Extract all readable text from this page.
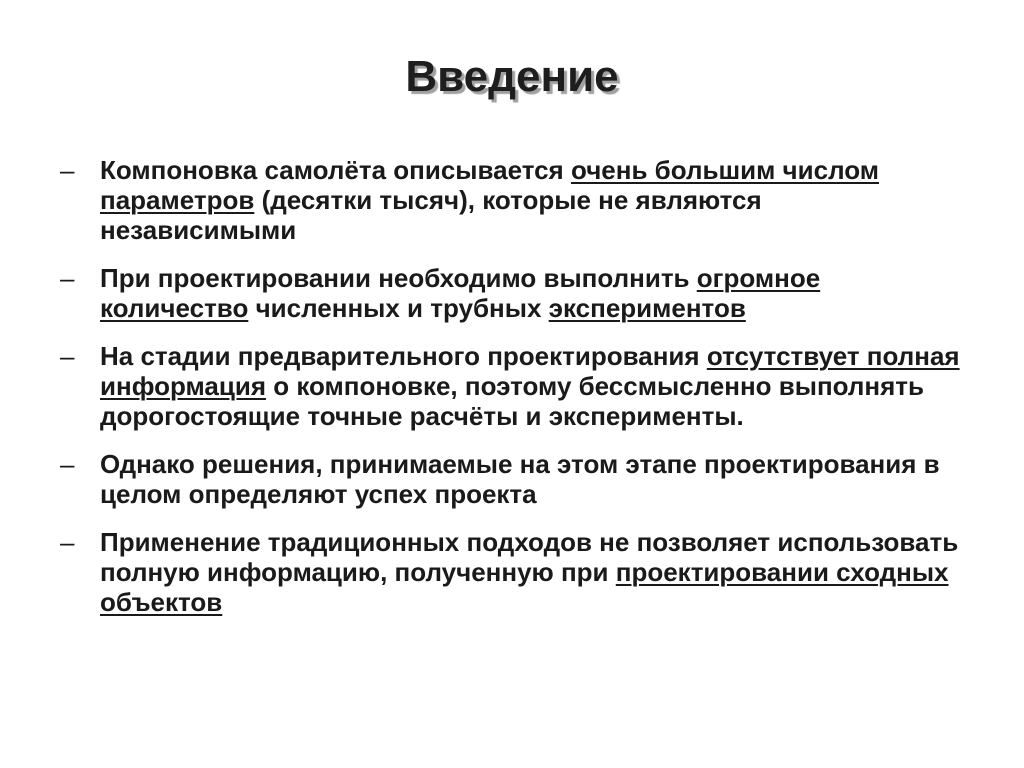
Введение
– Компоновка самолёта описывается очень большим числом параметров (десятки тысяч), которые не являются независимыми
– При проектировании необходимо выполнить огромное количество численных и трубных экспериментов
– На стадии предварительного проектирования отсутствует полная информация о компоновке, поэтому бессмысленно выполнять дорогостоящие точные расчёты и эксперименты.
– Однако решения, принимаемые на этом этапе проектирования в целом определяют успех проекта
– Применение традиционных подходов не позволяет использовать полную информацию, полученную при проектировании сходных объектов
